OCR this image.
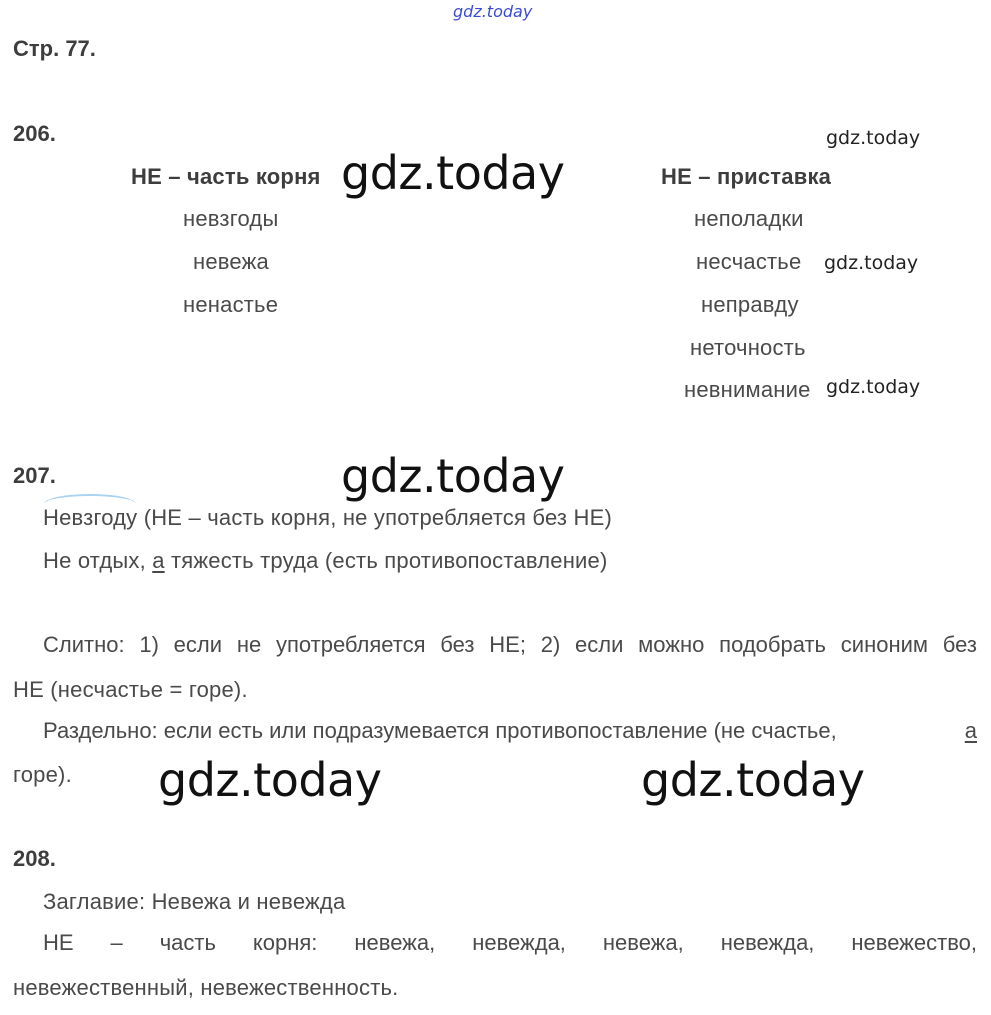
gdz.today
Стр. 77.
206.
НЕ – часть корня
невзгоды
невежа
ненастье
НЕ – приставка
неполадки
несчастье
неправду
неточность
невнимание
207.
Невзгоду (НЕ – часть корня, не употребляется без НЕ)
Не отдых, а тяжесть труда (есть противопоставление)
Слитно: 1) если не употребляется без НЕ; 2) если можно подобрать синоним без
НЕ (несчастье = горе).
Раздельно: если есть или подразумевается противопоставление (не счастье,	а
горе).
208.
Заглавие: Невежа и невежда
НЕ – часть корня: невежа, невежда, невежа, невежда, невежество,
невежественный, невежественность.
gdz.today
gdz.today
gdz.today	gdz.today
gdz.today
gdz.today
gdz.today
